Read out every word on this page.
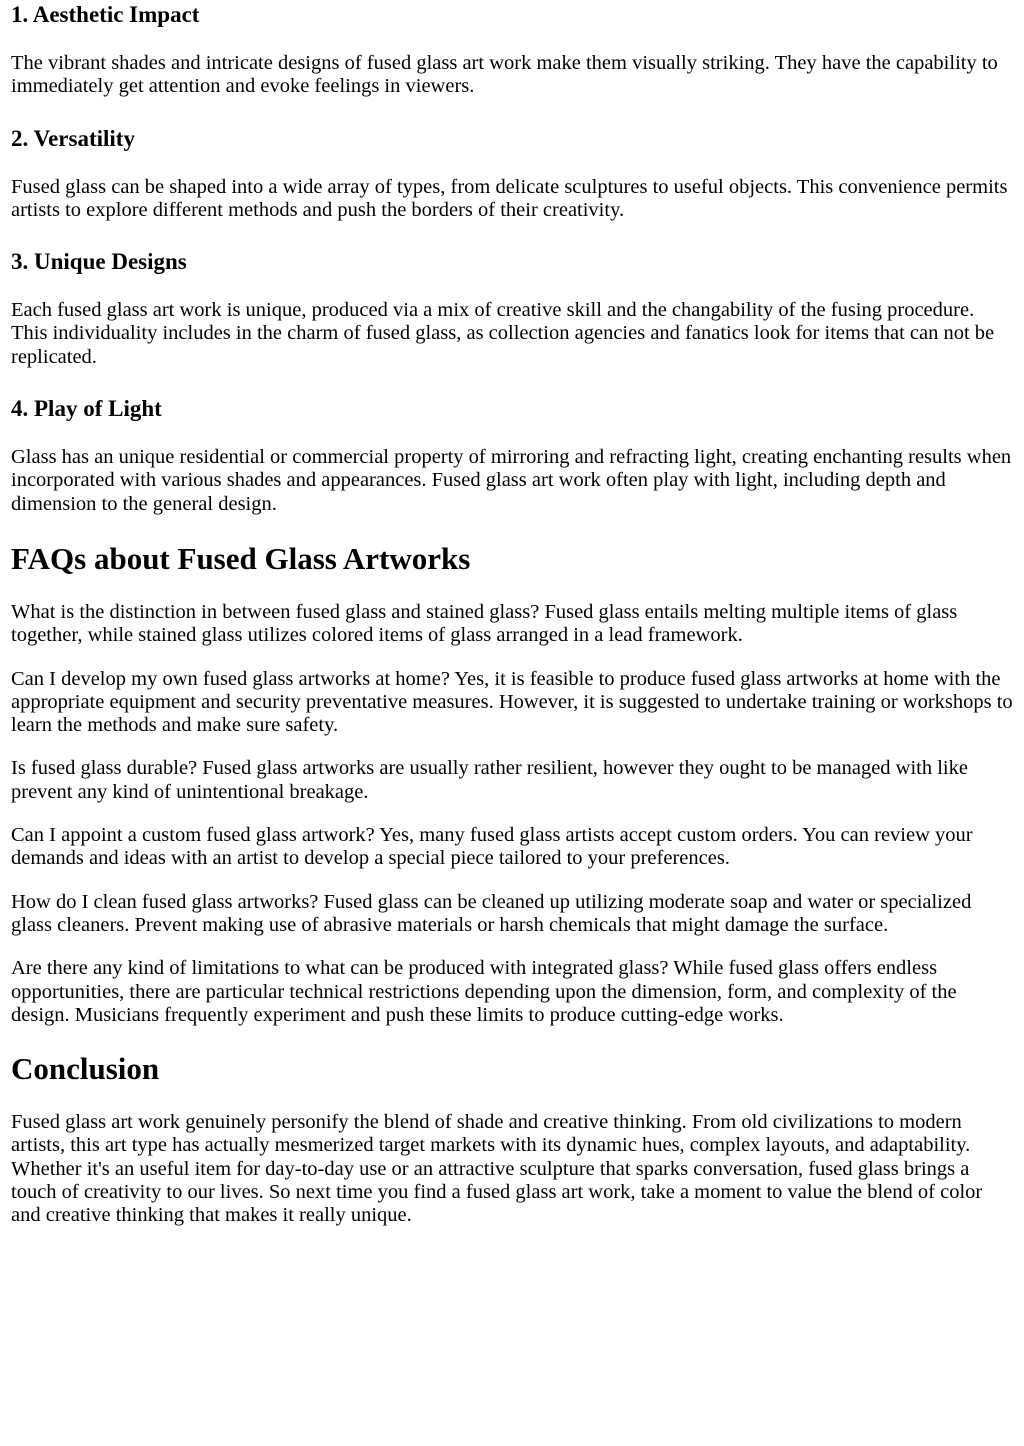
1. Aesthetic Impact

The vibrant shades and intricate designs of fused glass art work make them visually striking. They have the capability to immediately get attention and evoke feelings in viewers.

2. Versatility

Fused glass can be shaped into a wide array of types, from delicate sculptures to useful objects. This convenience permits artists to explore different methods and push the borders of their creativity.

3. Unique Designs

Each fused glass art work is unique, produced via a mix of creative skill and the changability of the fusing procedure. This individuality includes in the charm of fused glass, as collection agencies and fanatics look for items that can not be replicated.

4. Play of Light

Glass has an unique residential or commercial property of mirroring and refracting light, creating enchanting results when incorporated with various shades and appearances. Fused glass art work often play with light, including depth and dimension to the general design.

FAQs about Fused Glass Artworks

What is the distinction in between fused glass and stained glass? Fused glass entails melting multiple items of glass together, while stained glass utilizes colored items of glass arranged in a lead framework.

Can I develop my own fused glass artworks at home? Yes, it is feasible to produce fused glass artworks at home with the appropriate equipment and security preventative measures. However, it is suggested to undertake training or workshops to learn the methods and make sure safety.

Is fused glass durable? Fused glass artworks are usually rather resilient, however they ought to be managed with like prevent any kind of unintentional breakage.

Can I appoint a custom fused glass artwork? Yes, many fused glass artists accept custom orders. You can review your demands and ideas with an artist to develop a special piece tailored to your preferences.

How do I clean fused glass artworks? Fused glass can be cleaned up utilizing moderate soap and water or specialized glass cleaners. Prevent making use of abrasive materials or harsh chemicals that might damage the surface.

Are there any kind of limitations to what can be produced with integrated glass? While fused glass offers endless opportunities, there are particular technical restrictions depending upon the dimension, form, and complexity of the design. Musicians frequently experiment and push these limits to produce cutting-edge works.

Conclusion

Fused glass art work genuinely personify the blend of shade and creative thinking. From old civilizations to modern artists, this art type has actually mesmerized target markets with its dynamic hues, complex layouts, and adaptability. Whether it's an useful item for day-to-day use or an attractive sculpture that sparks conversation, fused glass brings a touch of creativity to our lives. So next time you find a fused glass art work, take a moment to value the blend of color and creative thinking that makes it really unique.
